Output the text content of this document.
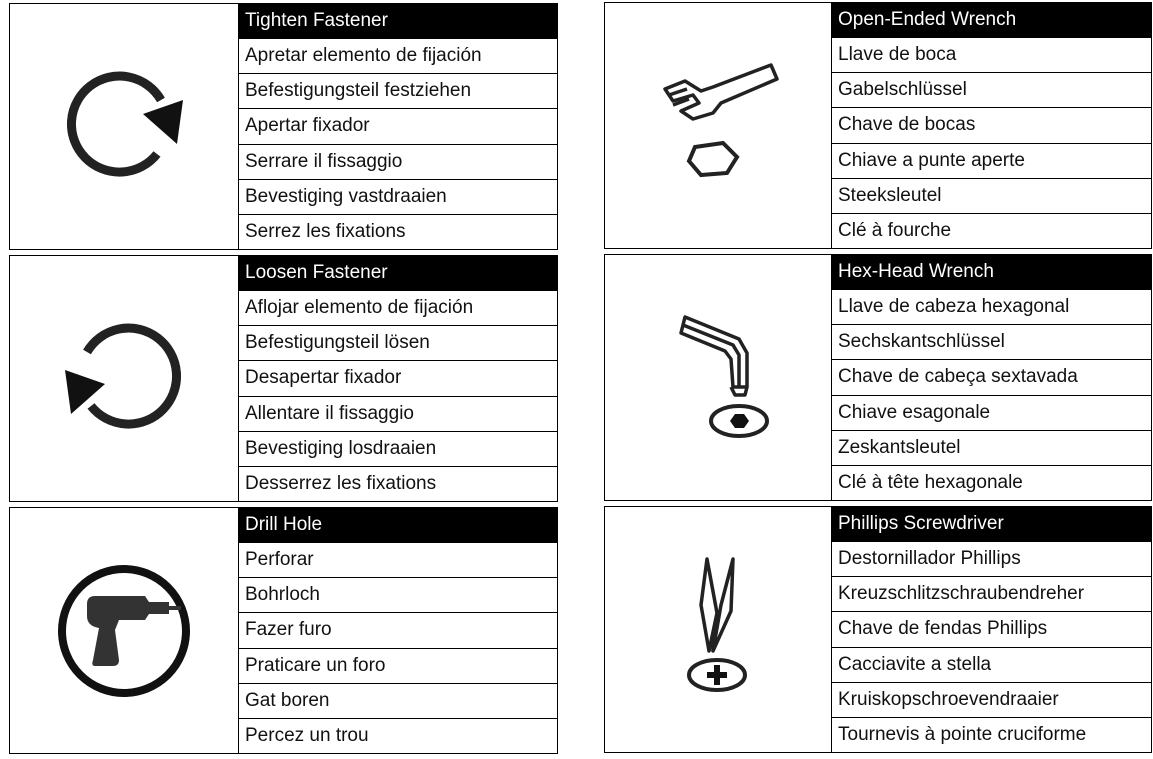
Tighten Fastener
Apretar elemento de fijación
Befestigungsteil festziehen
Apertar fixador
Serrare il fissaggio
Bevestiging vastdraaien
Serrez les fixations
Open-Ended Wrench
Llave de boca
Gabelschlüssel
Chave de bocas
Chiave a punte aperte
Steeksleutel
Clé à fourche
Loosen Fastener
Aflojar elemento de fijación
Befestigungsteil lösen
Desapertar fixador
Allentare il fissaggio
Bevestiging losdraaien
Desserrez les fixations
Hex-Head Wrench
Llave de cabeza hexagonal
Sechskantschlüssel
Chave de cabeça sextavada
Chiave esagonale
Zeskantsleutel
Clé à tête hexagonale
Drill Hole
Perforar
Bohrloch
Fazer furo
Praticare un foro
Gat boren
Percez un trou
Phillips Screwdriver
Destornillador Phillips
Kreuzschlitzschraubendreher
Chave de fendas Phillips
Cacciavite a stella
Kruiskopschroevendraaier
Tournevis à pointe cruciforme
